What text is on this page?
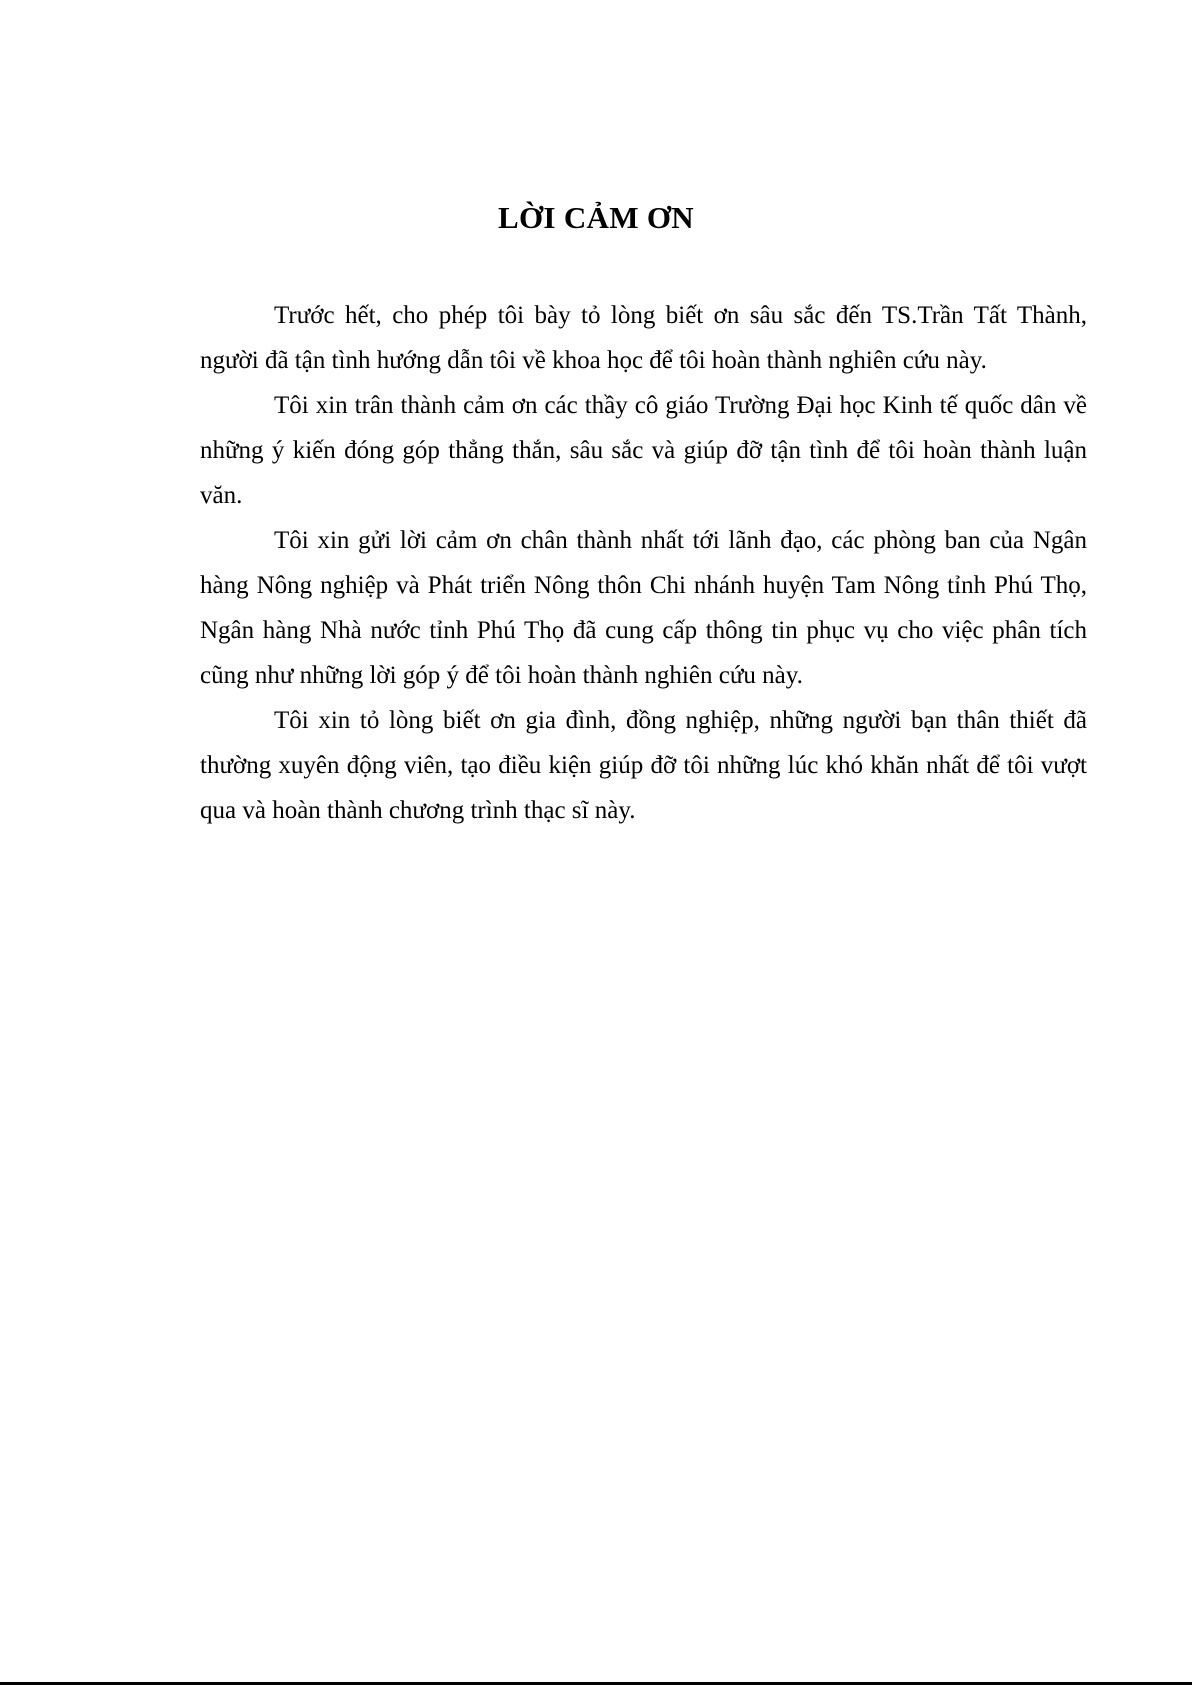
LỜI CẢM ƠN

Trước hết, cho phép tôi bày tỏ lòng biết ơn sâu sắc đến TS.Trần Tất Thành, người đã tận tình hướng dẫn tôi về khoa học để tôi hoàn thành nghiên cứu này.

Tôi xin trân thành cảm ơn các thầy cô giáo Trường Đại học Kinh tế quốc dân về những ý kiến đóng góp thẳng thắn, sâu sắc và giúp đỡ tận tình để tôi hoàn thành luận văn.

Tôi xin gửi lời cảm ơn chân thành nhất tới lãnh đạo, các phòng ban của Ngân hàng Nông nghiệp và Phát triển Nông thôn Chi nhánh huyện Tam Nông tỉnh Phú Thọ, Ngân hàng Nhà nước tỉnh Phú Thọ đã cung cấp thông tin phục vụ cho việc phân tích cũng như những lời góp ý để tôi hoàn thành nghiên cứu này.

Tôi xin tỏ lòng biết ơn gia đình, đồng nghiệp, những người bạn thân thiết đã thường xuyên động viên, tạo điều kiện giúp đỡ tôi những lúc khó khăn nhất để tôi vượt qua và hoàn thành chương trình thạc sĩ này.
